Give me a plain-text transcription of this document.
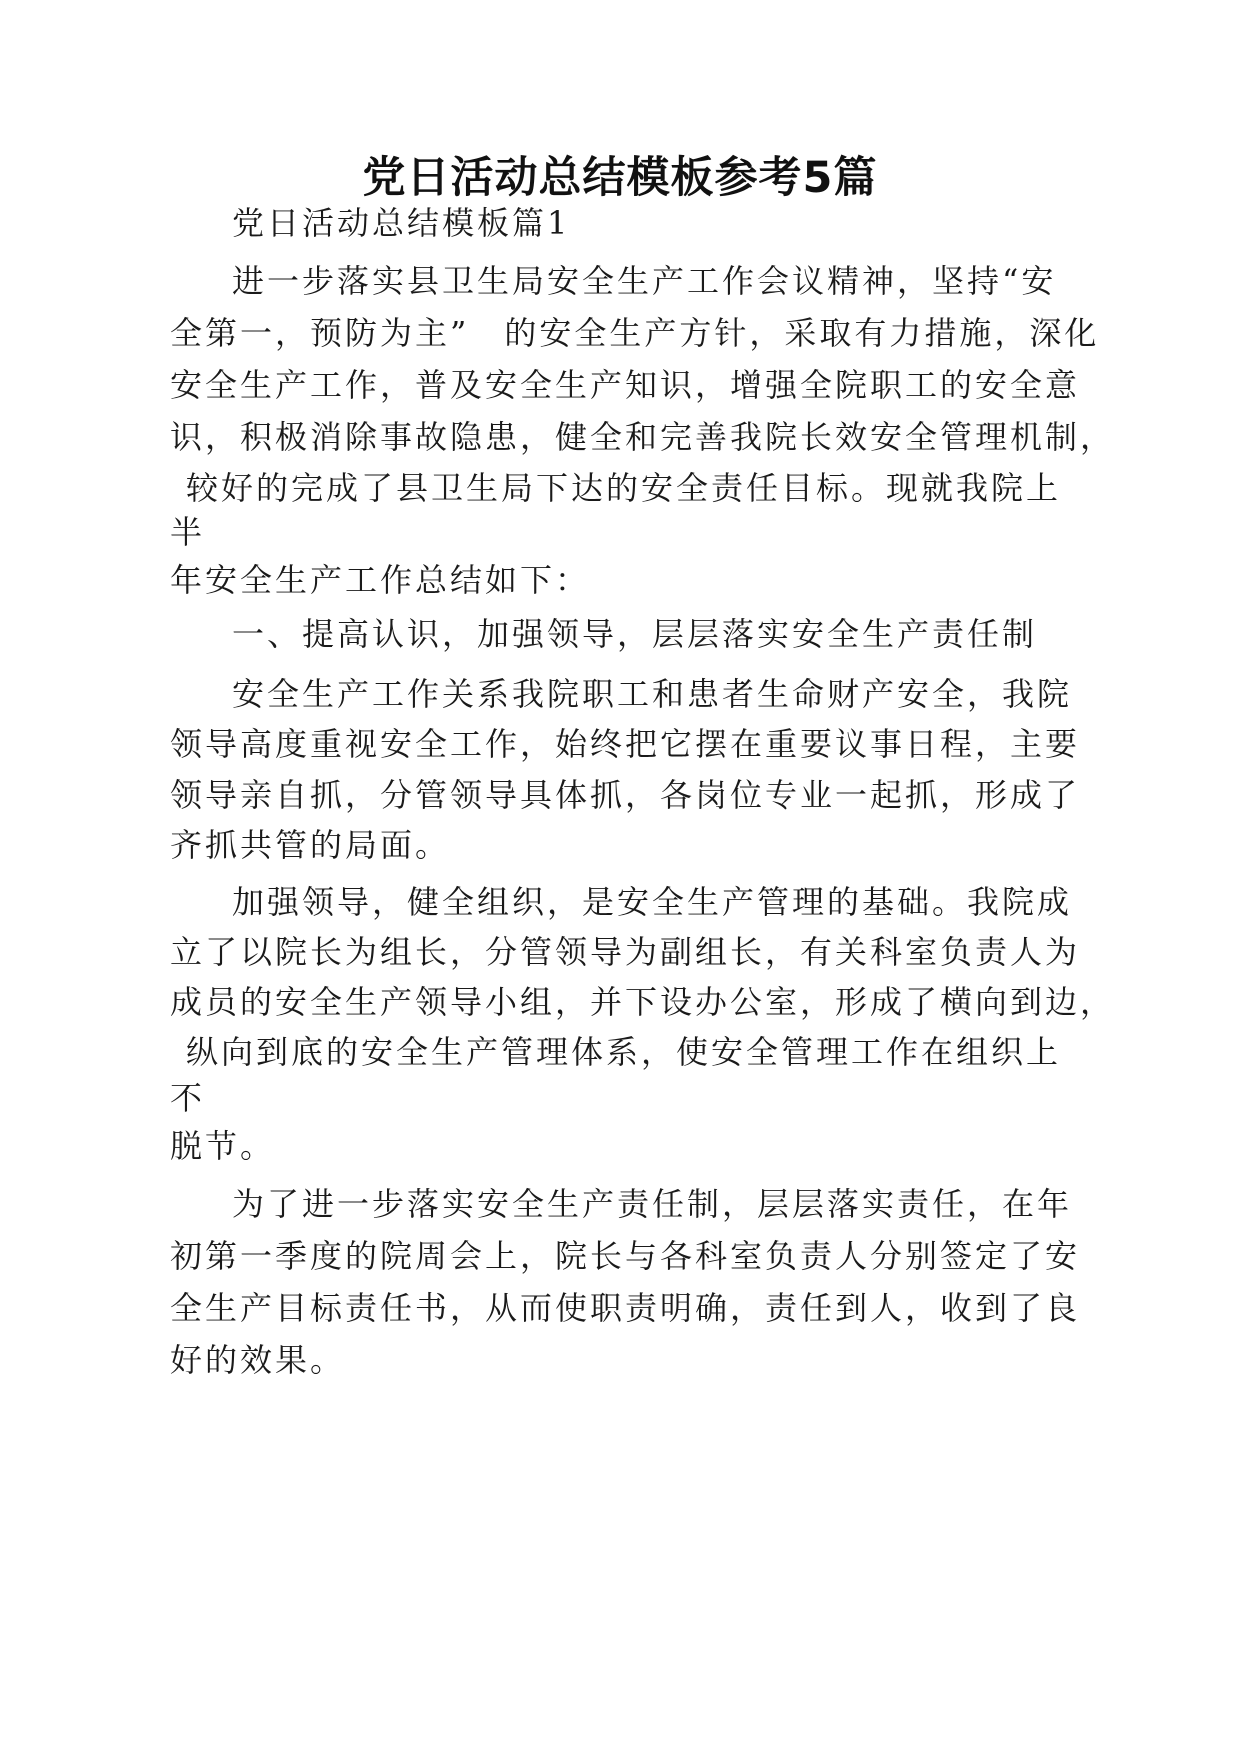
党日活动总结模板参考5篇
党日活动总结模板篇1
进一步落实县卫生局安全生产工作会议精神，坚持“安
全第一，预防为主”　的安全生产方针，采取有力措施，深化
安全生产工作，普及安全生产知识，增强全院职工的安全意
识，积极消除事故隐患，健全和完善我院长效安全管理机制，
较好的完成了县卫生局下达的安全责任目标。现就我院上
半
年安全生产工作总结如下：
一、提高认识，加强领导，层层落实安全生产责任制
安全生产工作关系我院职工和患者生命财产安全，我院
领导高度重视安全工作，始终把它摆在重要议事日程，主要
领导亲自抓，分管领导具体抓，各岗位专业一起抓，形成了
齐抓共管的局面。
加强领导，健全组织，是安全生产管理的基础。我院成
立了以院长为组长，分管领导为副组长，有关科室负责人为
成员的安全生产领导小组，并下设办公室，形成了横向到边，
纵向到底的安全生产管理体系，使安全管理工作在组织上
不
脱节。
为了进一步落实安全生产责任制，层层落实责任，在年
初第一季度的院周会上，院长与各科室负责人分别签定了安
全生产目标责任书，从而使职责明确，责任到人，收到了良
好的效果。
